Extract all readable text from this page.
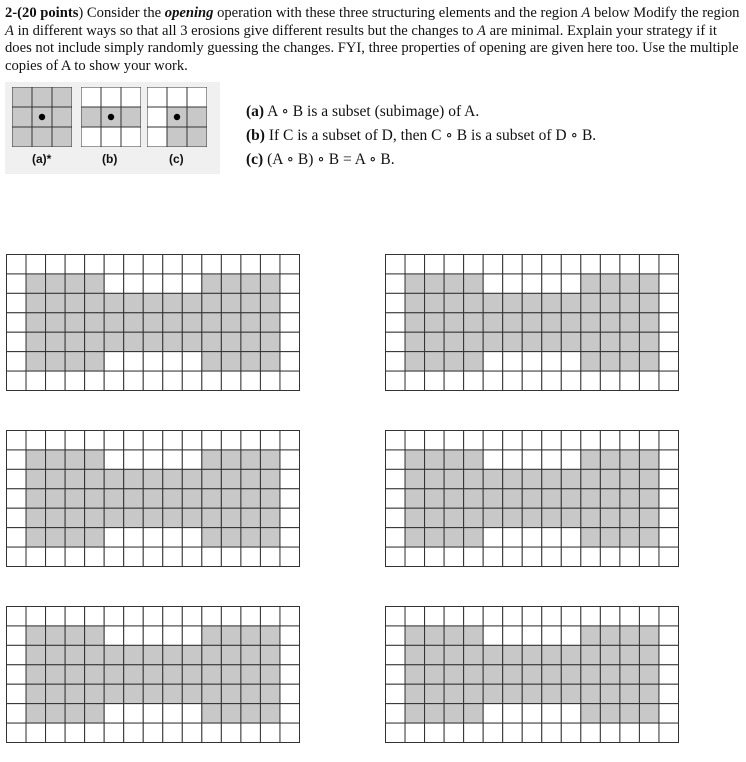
2-(20 points) Consider the opening operation with these three structuring elements and the region A below Modify the region A in different ways so that all 3 erosions give different results but the changes to A are minimal. Explain your strategy if it does not include simply randomly guessing the changes. FYI, three properties of opening are given here too. Use the multiple copies of A to show your work.
(a)*	(b)	(c)
(a) A ∘ B is a subset (subimage) of A.
(b) If C is a subset of D, then C ∘ B is a subset of D ∘ B.
(c) (A ∘ B) ∘ B = A ∘ B.
